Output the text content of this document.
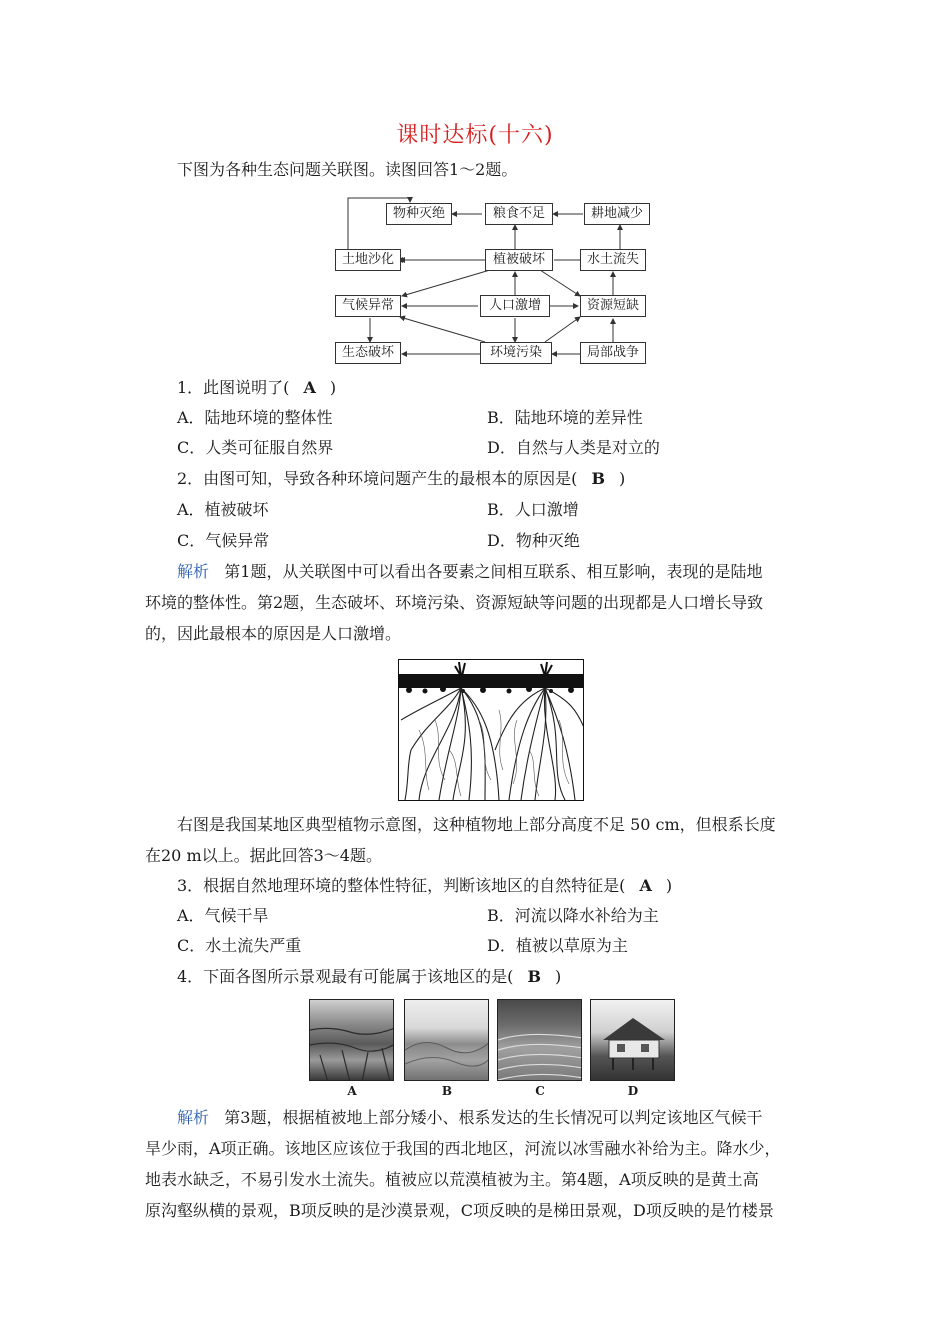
课时达标(十六)
下图为各种生态问题关联图。读图回答1～2题。
物种灭绝	粮食不足	耕地减少
土地沙化	植被破坏	水土流失
气候异常	人口激增	资源短缺
生态破坏	环境污染	局部战争
1．此图说明了( A )
A．陆地环境的整体性	B．陆地环境的差异性
C．人类可征服自然界	D．自然与人类是对立的
2．由图可知，导致各种环境问题产生的最根本的原因是( B )
A．植被破坏	B．人口激增
C．气候异常	D．物种灭绝
解析 第1题，从关联图中可以看出各要素之间相互联系、相互影响，表现的是陆地
环境的整体性。第2题，生态破坏、环境污染、资源短缺等问题的出现都是人口增长导致
的，因此最根本的原因是人口激增。
右图是我国某地区典型植物示意图，这种植物地上部分高度不足 50 cm，但根系长度
在20 m以上。据此回答3～4题。
3．根据自然地理环境的整体性特征，判断该地区的自然特征是( A )
A．气候干旱	B．河流以降水补给为主
C．水土流失严重	D．植被以草原为主
4．下面各图所示景观最有可能属于该地区的是( B )
A	B	C	D
解析 第3题，根据植被地上部分矮小、根系发达的生长情况可以判定该地区气候干
旱少雨，A项正确。该地区应该位于我国的西北地区，河流以冰雪融水补给为主。降水少，
地表水缺乏，不易引发水土流失。植被应以荒漠植被为主。第4题，A项反映的是黄土高
原沟壑纵横的景观，B项反映的是沙漠景观，C项反映的是梯田景观，D项反映的是竹楼景
